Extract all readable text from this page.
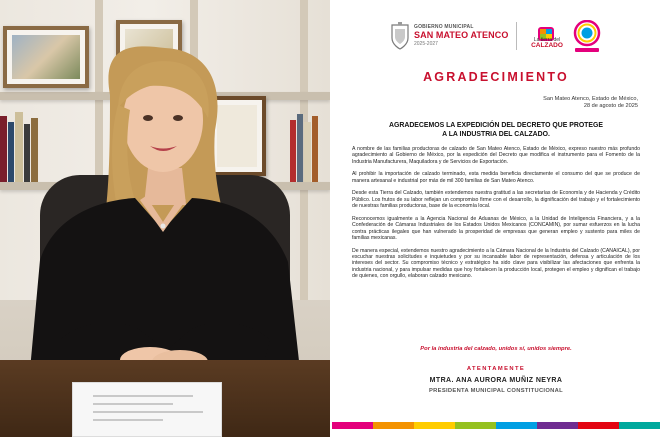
GOBIERNO MUNICIPAL
SAN MATEO ATENCO
2025-2027
La tierra del
CALZADO
AGRADECIMIENTO
San Mateo Atenco, Estado de México,
28 de agosto de 2025
AGRADECEMOS LA EXPEDICIÓN DEL DECRETO QUE PROTEGE
A LA INDUSTRIA DEL CALZADO.

A nombre de las familias productoras de calzado de San Mateo Atenco, Estado de México, expreso nuestro más profundo agradecimiento al Gobierno de México, por la expedición del Decreto que modifica el instrumento para el Fomento de la Industria Manufacturera, Maquiladora y de Servicios de Exportación.

Al prohibir la importación de calzado terminado, esta medida beneficia directamente el consumo del que se produce de manera artesanal e industrial por más de mil 300 familias de San Mateo Atenco.

Desde esta Tierra del Calzado, también extendemos nuestra gratitud a las secretarías de Economía y de Hacienda y Crédito Público. Los frutos de su labor reflejan un compromiso firme con el desarrollo, la dignificación del trabajo y el fortalecimiento de nuestras familias productoras, base de la economía local.

Reconocemos igualmente a la Agencia Nacional de Aduanas de México, a la Unidad de Inteligencia Financiera, y a la Confederación de Cámaras Industriales de los Estados Unidos Mexicanos (CONCAMIN), por sumar esfuerzos en la lucha contra prácticas ilegales que han vulnerado la prosperidad de empresas que generan empleo y sustento para miles de familias mexicanas.

De manera especial, extendemos nuestro agradecimiento a la Cámara Nacional de la Industria del Calzado (CANAICAL), por escuchar nuestras solicitudes e inquietudes y por su incansable labor de representación, defensa y articulación de los intereses del sector. Su compromiso técnico y estratégico ha sido clave para visibilizar las afectaciones que enfrenta la industria nacional, y para impulsar medidas que hoy fortalecen la producción local, protegen el empleo y dignifican el trabajo de quienes, con orgullo, elaboran calzado mexicano.

Por la industria del calzado, unidos sí, unidos siempre.
ATENTAMENTE
MTRA. ANA AURORA MUÑIZ NEYRA
PRESIDENTA MUNICIPAL CONSTITUCIONAL
